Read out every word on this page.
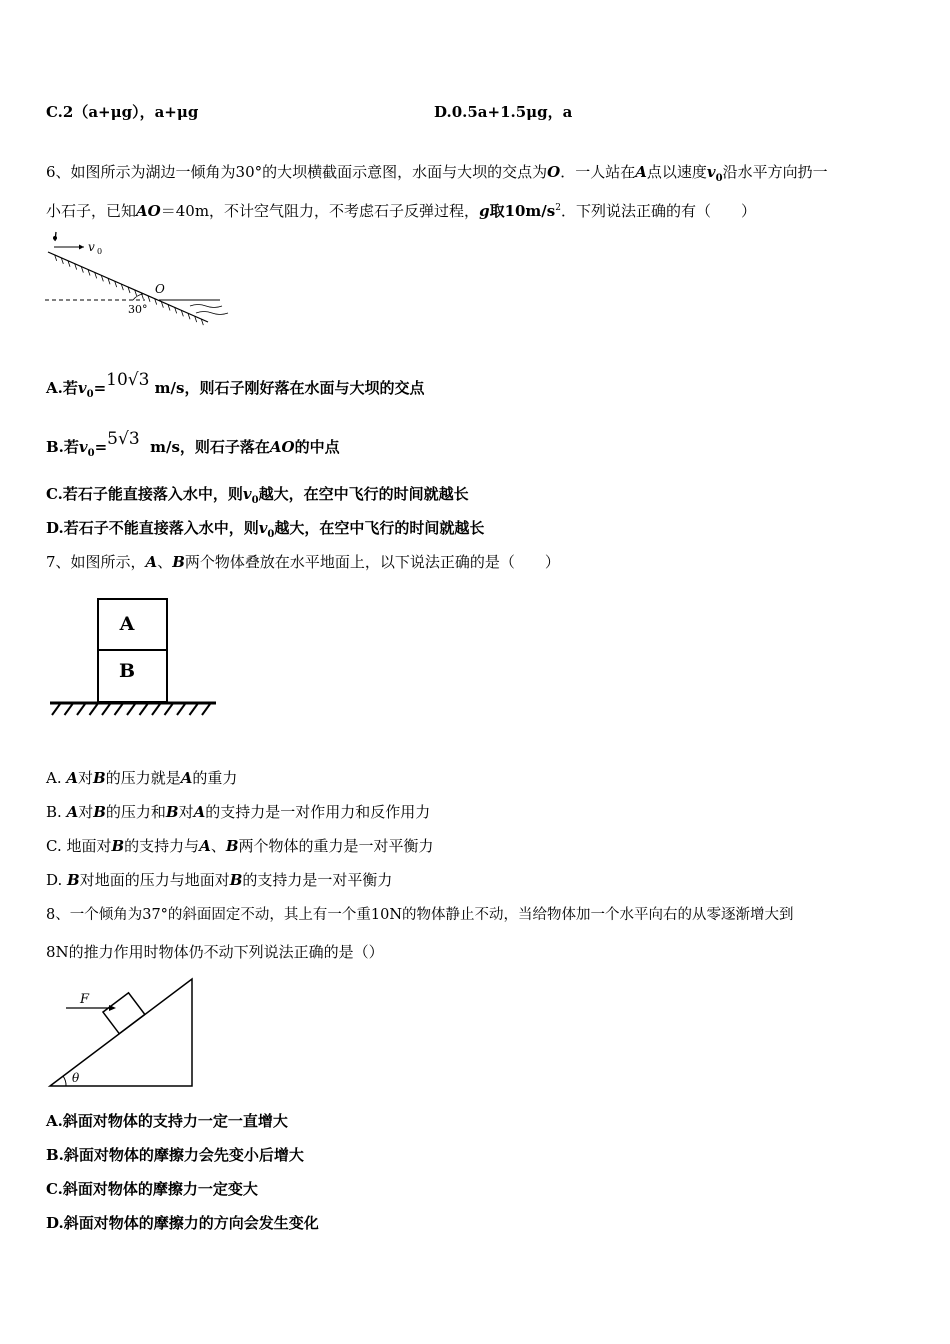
C.2（a+μg），a+μg	D.0.5a+1.5μg，a
6、如图所示为湖边一倾角为30°的大坝横截面示意图，水面与大坝的交点为O．一人站在A点以速度$v_0$沿水平方向扔一
小石子，已知AO＝40m，不计空气阻力，不考虑石子反弹过程，g取$10m/s^2$．下列说法正确的有（　　）
v 0
O
30°
A.若$v_0=10√3$ m/s，则石子刚好落在水面与大坝的交点
B.若$v_0=5√3$ m/s，则石子落在AO的中点
C.若石子能直接落入水中，则$v_0$越大，在空中飞行的时间就越长
D.若石子不能直接落入水中，则$v_0$越大，在空中飞行的时间就越长
7、如图所示，A、B两个物体叠放在水平地面上，以下说法正确的是（　　）
A
B
A. A对B的压力就是A的重力
B. A对B的压力和B对A的支持力是一对作用力和反作用力
C. 地面对B的支持力与A、B两个物体的重力是一对平衡力
D. B对地面的压力与地面对B的支持力是一对平衡力
8、一个倾角为37°的斜面固定不动，其上有一个重10N的物体静止不动，当给物体加一个水平向右的从零逐渐增大到
8N的推力作用时物体仍不动下列说法正确的是（）
F
θ
A.斜面对物体的支持力一定一直增大
B.斜面对物体的摩擦力会先变小后增大
C.斜面对物体的摩擦力一定变大
D.斜面对物体的摩擦力的方向会发生变化
